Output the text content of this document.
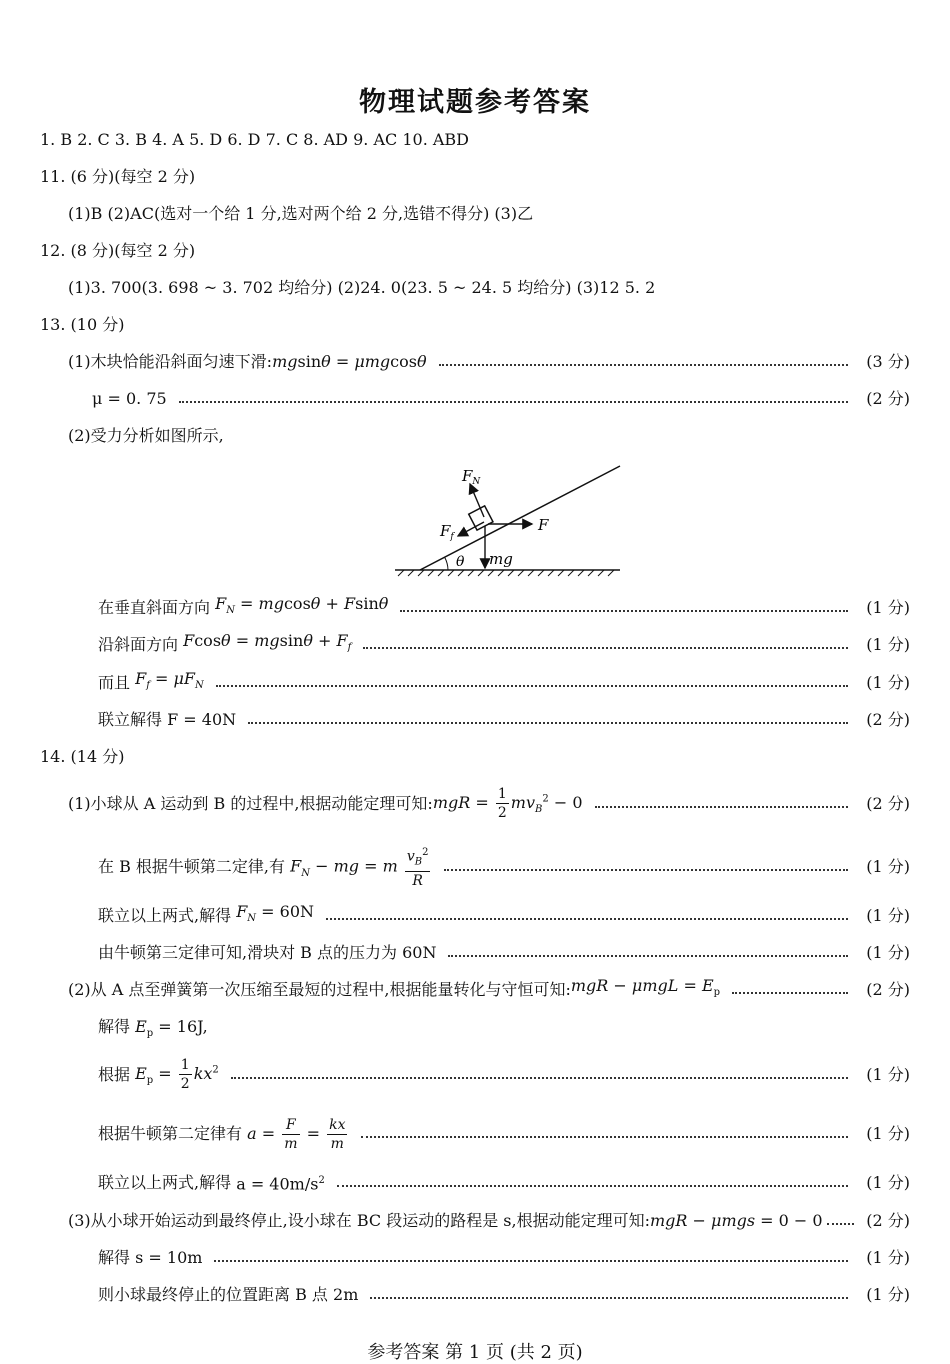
物理试题参考答案
1. B 2. C 3. B 4. A 5. D 6. D 7. C 8. AD 9. AC 10. ABD
11. (6 分)(每空 2 分)
(1)B (2)AC(选对一个给 1 分,选对两个给 2 分,选错不得分) (3)乙
12. (8 分)(每空 2 分)
(1)3. 700(3. 698 ~ 3. 702 均给分) (2)24. 0(23. 5 ~ 24. 5 均给分) (3)12 5. 2
13. (10 分)
(1)木块恰能沿斜面匀速下滑: mgsinθ = μmgcosθ	(3 分)
μ = 0. 75	(2 分)
(2)受力分析如图所示,
θ
$F_N$
$F_f$
F
mg
在垂直斜面方向
$F_N = mgcos\theta + Fsin\theta$	(1 分)
沿斜面方向
$Fcos\theta = mgsin\theta + F_f$	(1 分)
而且
$F_f = \mu F_N$	(1 分)
联立解得
F = 40N	(2 分)
14. (14 分)
(1)小球从 A 运动到 B 的过程中,根据动能定理可知: mgR = $\frac{1}{2} mv_B^2 - 0$	(2 分)
在 B 根据牛顿第二定律,有
$F_N$ − mg = m $\frac{v_B^2}{R}$	(1 分)
联立以上两式,解得
$F_N = 60N$	(1 分)
由牛顿第三定律可知,滑块对 B 点的压力为 60N	(1 分)
(2)从 A 点至弹簧第一次压缩至最短的过程中,根据能量转化与守恒可知: mgR − $\mu mgL = E_p$	(2 分)
解得 $E_p = 16J$,
根据
$E_p = \frac{1}{2} kx^2$	(1 分)
根据牛顿第二定律有
$a = \frac{F}{m} = \frac{kx}{m}$	(1 分)
联立以上两式,解得
$a = 40m/s^2$	(1 分)
(3)从小球开始运动到最终停止,设小球在 BC 段运动的路程是 s,根据动能定理可知: mgR − μmgs = 0 − 0	(2 分)
解得
s = 10m	(1 分)
则小球最终停止的位置距离 B 点 2m	(1 分)
参考答案 第 1 页 (共 2 页)
